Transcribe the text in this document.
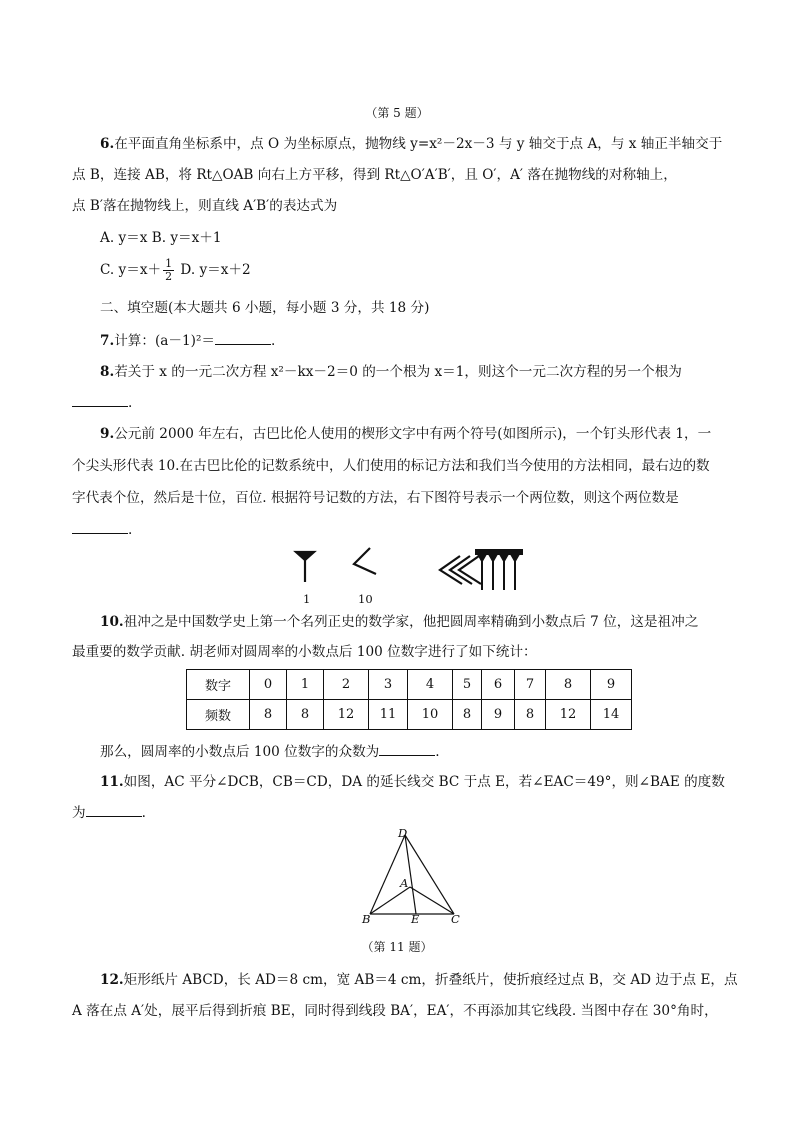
（第 5 题）
6.在平面直角坐标系中，点 O 为坐标原点，抛物线 y=x²－2x－3 与 y 轴交于点 A，与 x 轴正半轴交于
点 B，连接 AB，将 Rt△OAB 向右上方平移，得到 Rt△O′A′B′，且 O′，A′ 落在抛物线的对称轴上，
点 B′落在抛物线上，则直线 A′B′的表达式为
A. y＝x B. y＝x＋1
C. $y=x+ \frac{1}{2} D$. y＝x＋2
二、填空题(本大题共 6 小题，每小题 3 分，共 18 分)
7.计算：(a－1)²＝	.
8.若关于 x 的一元二次方程 x²－kx－2＝0 的一个根为 x＝1，则这个一元二次方程的另一个根为
.
9.公元前 2000 年左右，古巴比伦人使用的楔形文字中有两个符号(如图所示)，一个钉头形代表 1，一
个尖头形代表 10.在古巴比伦的记数系统中，人们使用的标记方法和我们当今使用的方法相同，最右边的数
字代表个位，然后是十位，百位. 根据符号记数的方法，右下图符号表示一个两位数，则这个两位数是
.
1	10
10.祖冲之是中国数学史上第一个名列正史的数学家，他把圆周率精确到小数点后 7 位，这是祖冲之
最重要的数学贡献. 胡老师对圆周率的小数点后 100 位数字进行了如下统计：
数字	0	1	2	3	4	5	6	7	8	9
频数	8	8	12	11	10	8	9	8	12	14
那么，圆周率的小数点后 100 位数字的众数为	.
11.如图，AC 平分∠DCB，CB＝CD，DA 的延长线交 BC 于点 E，若∠EAC＝49°，则∠BAE 的度数
为	.
D
A
B	E	C
（第 11 题）
12.矩形纸片 ABCD，长 AD＝8 cm，宽 AB＝4 cm，折叠纸片，使折痕经过点 B，交 AD 边于点 E，点
A 落在点 A′处，展平后得到折痕 BE，同时得到线段 BA′，EA′，不再添加其它线段. 当图中存在 30°角时，
